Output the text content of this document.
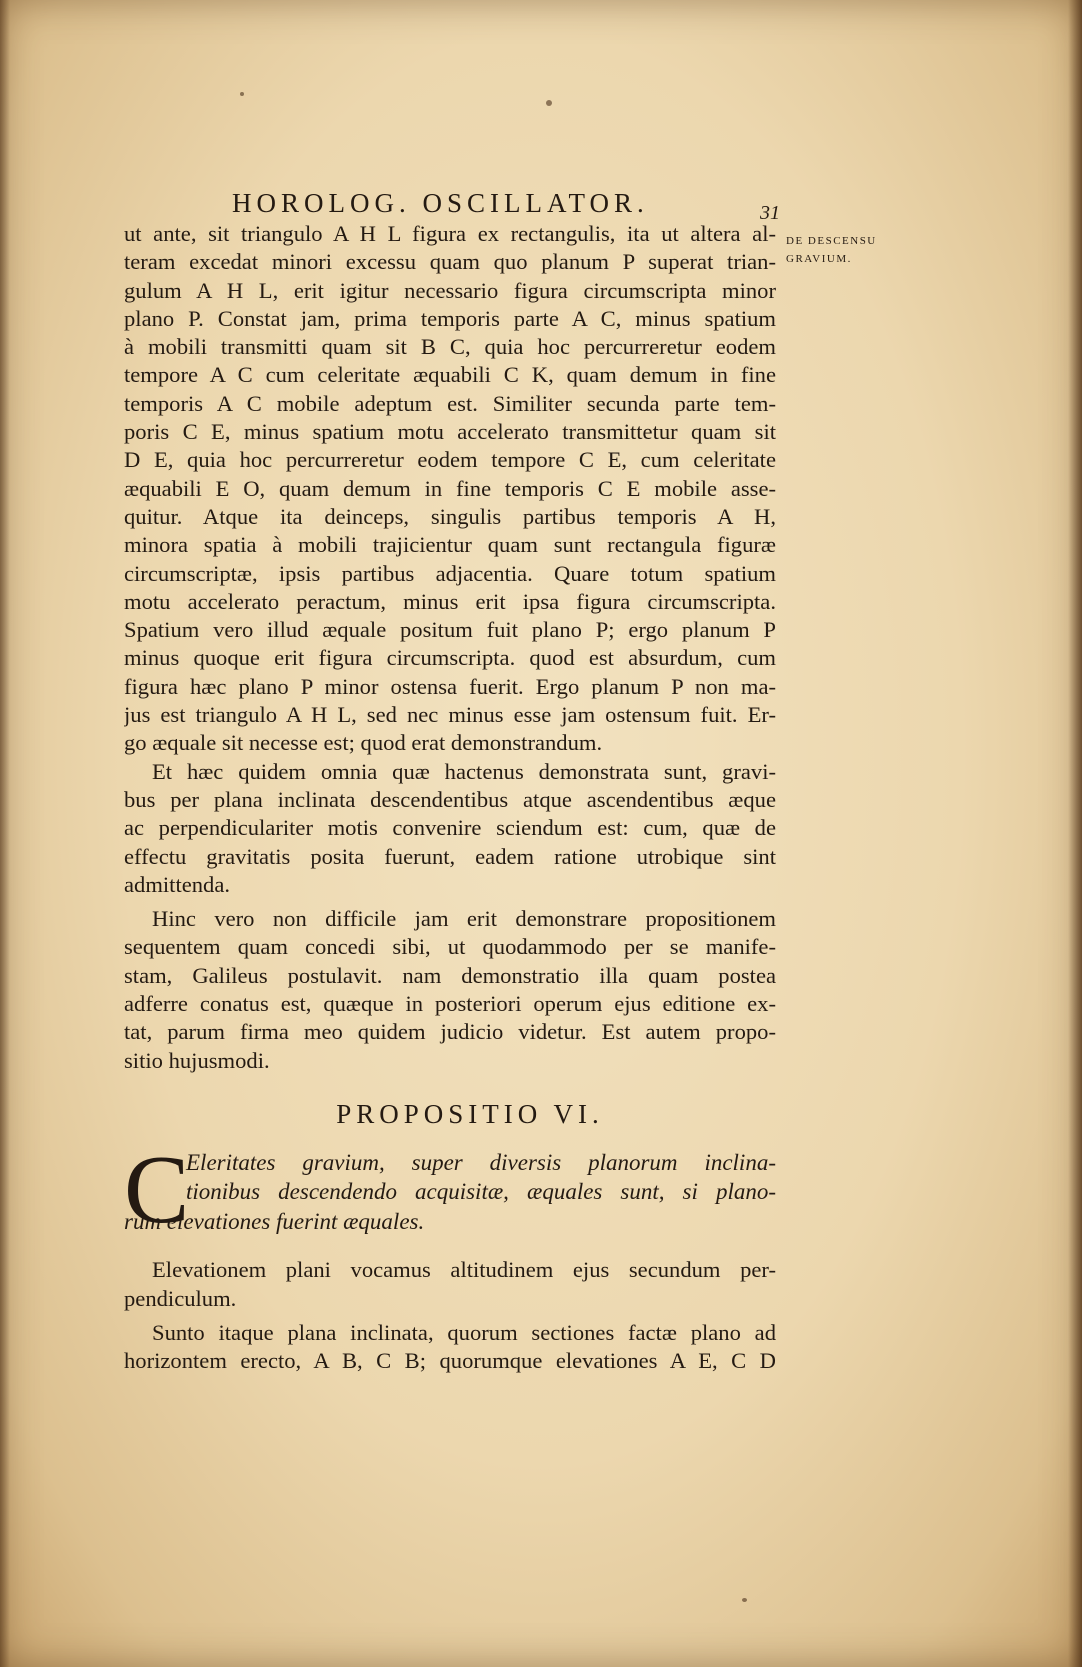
HOROLOG. OSCILLATOR.	31
DE DESCENSU
GRAVIUM.
ut ante, sit triangulo A H L figura ex rectangulis, ita ut altera al-
teram excedat minori excessu quam quo planum P superat trian-
gulum A H L, erit igitur necessario figura circumscripta minor
plano P. Constat jam, prima temporis parte A C, minus spatium
à mobili transmitti quam sit B C, quia hoc percurreretur eodem
tempore A C cum celeritate æquabili C K, quam demum in fine
temporis A C mobile adeptum est. Similiter secunda parte tem-
poris C E, minus spatium motu accelerato transmittetur quam sit
D E, quia hoc percurreretur eodem tempore C E, cum celeritate
æquabili E O, quam demum in fine temporis C E mobile asse-
quitur. Atque ita deinceps, singulis partibus temporis A H,
minora spatia à mobili trajicientur quam sunt rectangula figuræ
circumscriptæ, ipsis partibus adjacentia. Quare totum spatium
motu accelerato peractum, minus erit ipsa figura circumscripta.
Spatium vero illud æquale positum fuit plano P; ergo planum P
minus quoque erit figura circumscripta. quod est absurdum, cum
figura hæc plano P minor ostensa fuerit. Ergo planum P non ma-
jus est triangulo A H L, sed nec minus esse jam ostensum fuit. Er-
go æquale sit necesse est; quod erat demonstrandum.
Et hæc quidem omnia quæ hactenus demonstrata sunt, gravi-
bus per plana inclinata descendentibus atque ascendentibus æque
ac perpendiculariter motis convenire sciendum est: cum, quæ de
effectu gravitatis posita fuerunt, eadem ratione utrobique sint
admittenda.
Hinc vero non difficile jam erit demonstrare propositionem
sequentem quam concedi sibi, ut quodammodo per se manife-
stam, Galileus postulavit. nam demonstratio illa quam postea
adferre conatus est, quæque in posteriori operum ejus editione ex-
tat, parum firma meo quidem judicio videtur. Est autem propo-
sitio hujusmodi.
PROPOSITIO VI.
C
Eleritates gravium, super diversis planorum inclina-
tionibus descendendo acquisitæ, æquales sunt, si plano-
rum elevationes fuerint æquales.
Elevationem plani vocamus altitudinem ejus secundum per-
pendiculum.
Sunto itaque plana inclinata, quorum sectiones factæ plano ad
horizontem erecto, A B, C B; quorumque elevationes A E, C D
